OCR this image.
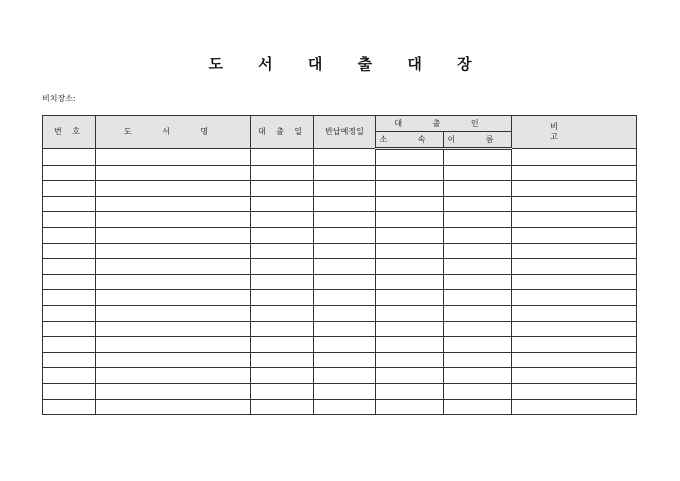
도 서 대 출 대 장
비치장소:
번 호	도 서 명	대 출 일	반납예정일	대 출 인		비 고
				소 속	이 름	
